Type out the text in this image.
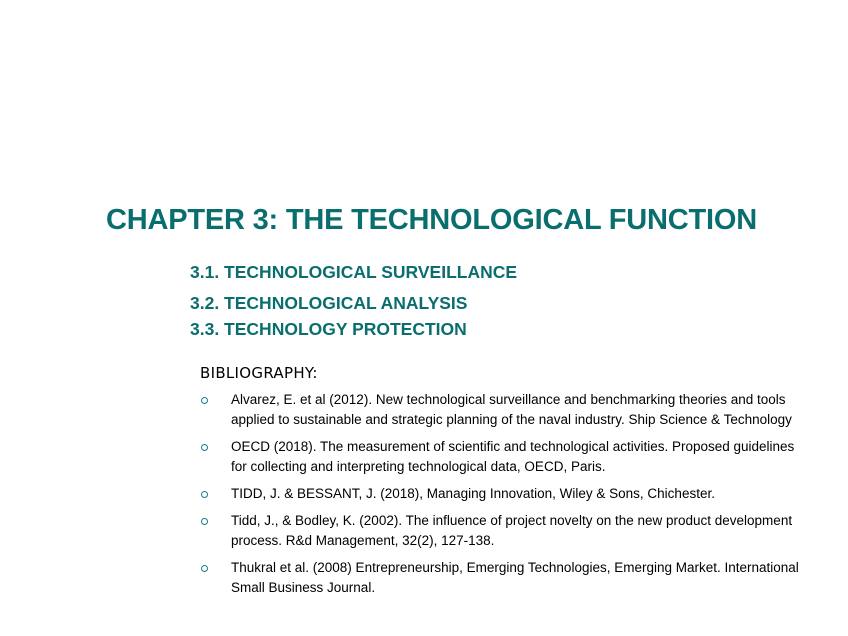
CHAPTER 3: THE TECHNOLOGICAL FUNCTION
3.1. TECHNOLOGICAL SURVEILLANCE
3.2. TECHNOLOGICAL ANALYSIS
3.3. TECHNOLOGY PROTECTION
BIBLIOGRAPHY:
Alvarez, E. et al (2012). New technological surveillance and benchmarking theories and tools applied to sustainable and strategic planning of the naval industry. Ship Science & Technology
OECD (2018). The measurement of scientific and technological activities. Proposed guidelines for collecting and interpreting technological data, OECD, Paris.
TIDD, J. & BESSANT, J. (2018), Managing Innovation, Wiley & Sons, Chichester.
Tidd, J., & Bodley, K. (2002). The influence of project novelty on the new product development process. R&d Management, 32(2), 127-138.
Thukral et al. (2008) Entrepreneurship, Emerging Technologies, Emerging Market. International Small Business Journal.
